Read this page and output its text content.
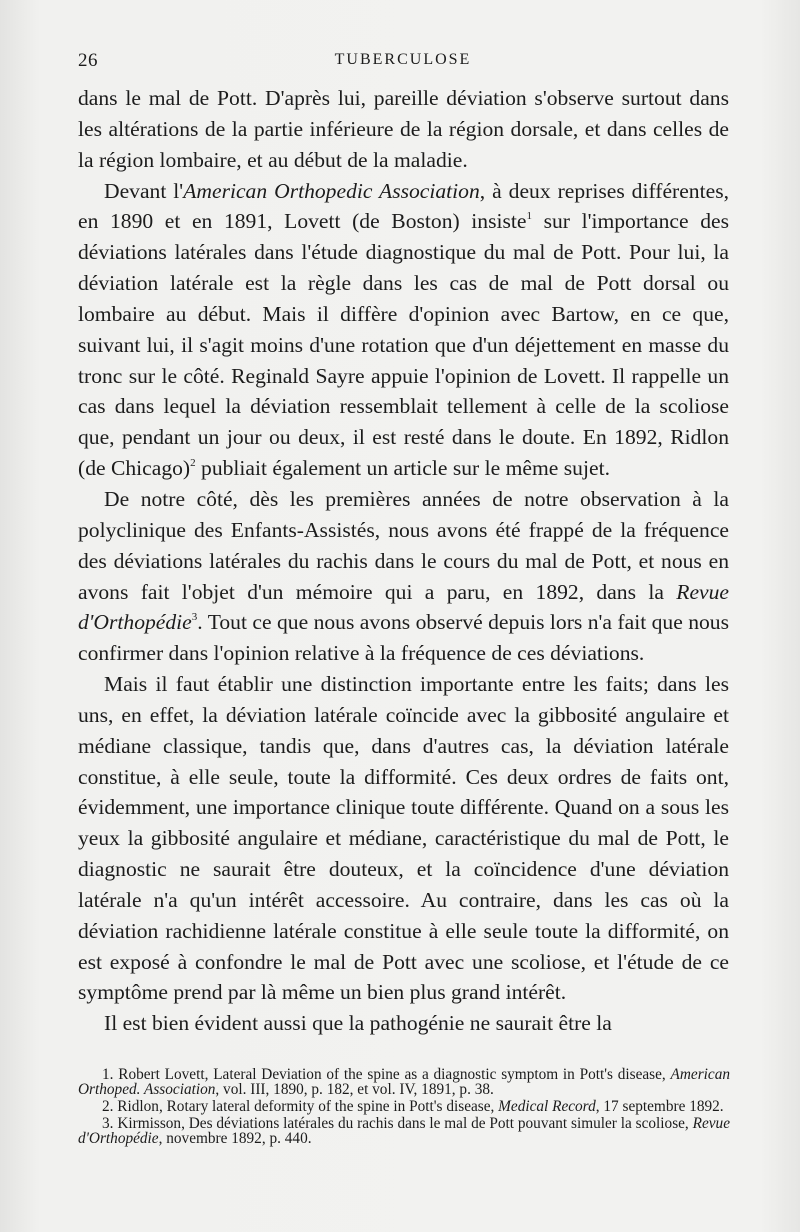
26	TUBERCULOSE

dans le mal de Pott. D'après lui, pareille déviation s'observe surtout dans les altérations de la partie inférieure de la région dorsale, et dans celles de la région lombaire, et au début de la maladie.

Devant l'American Orthopedic Association, à deux reprises différentes, en 1890 et en 1891, Lovett (de Boston) insiste$^1$ sur l'importance des déviations latérales dans l'étude diagnostique du mal de Pott. Pour lui, la déviation latérale est la règle dans les cas de mal de Pott dorsal ou lombaire au début. Mais il diffère d'opinion avec Bartow, en ce que, suivant lui, il s'agit moins d'une rotation que d'un déjettement en masse du tronc sur le côté. Reginald Sayre appuie l'opinion de Lovett. Il rappelle un cas dans lequel la déviation ressemblait tellement à celle de la scoliose que, pendant un jour ou deux, il est resté dans le doute. En 1892, Ridlon (de Chicago)$^2$ publiait également un article sur le même sujet.

De notre côté, dès les premières années de notre observation à la polyclinique des Enfants-Assistés, nous avons été frappé de la fréquence des déviations latérales du rachis dans le cours du mal de Pott, et nous en avons fait l'objet d'un mémoire qui a paru, en 1892, dans la Revue d'Orthopédie$^3$. Tout ce que nous avons observé depuis lors n'a fait que nous confirmer dans l'opinion relative à la fréquence de ces déviations.

Mais il faut établir une distinction importante entre les faits; dans les uns, en effet, la déviation latérale coïncide avec la gibbosité angulaire et médiane classique, tandis que, dans d'autres cas, la déviation latérale constitue, à elle seule, toute la difformité. Ces deux ordres de faits ont, évidemment, une importance clinique toute différente. Quand on a sous les yeux la gibbosité angulaire et médiane, caractéristique du mal de Pott, le diagnostic ne saurait être douteux, et la coïncidence d'une déviation latérale n'a qu'un intérêt accessoire. Au contraire, dans les cas où la déviation rachidienne latérale constitue à elle seule toute la difformité, on est exposé à confondre le mal de Pott avec une scoliose, et l'étude de ce symptôme prend par là même un bien plus grand intérêt.

Il est bien évident aussi que la pathogénie ne saurait être la

1. Robert Lovett, Lateral Deviation of the spine as a diagnostic symptom in Pott's disease, American Orthoped. Association, vol. III, 1890, p. 182, et vol. IV, 1891, p. 38.

2. Ridlon, Rotary lateral deformity of the spine in Pott's disease, Medical Record, 17 septembre 1892.

3. Kirmisson, Des déviations latérales du rachis dans le mal de Pott pouvant simuler la scoliose, Revue d'Orthopédie, novembre 1892, p. 440.
